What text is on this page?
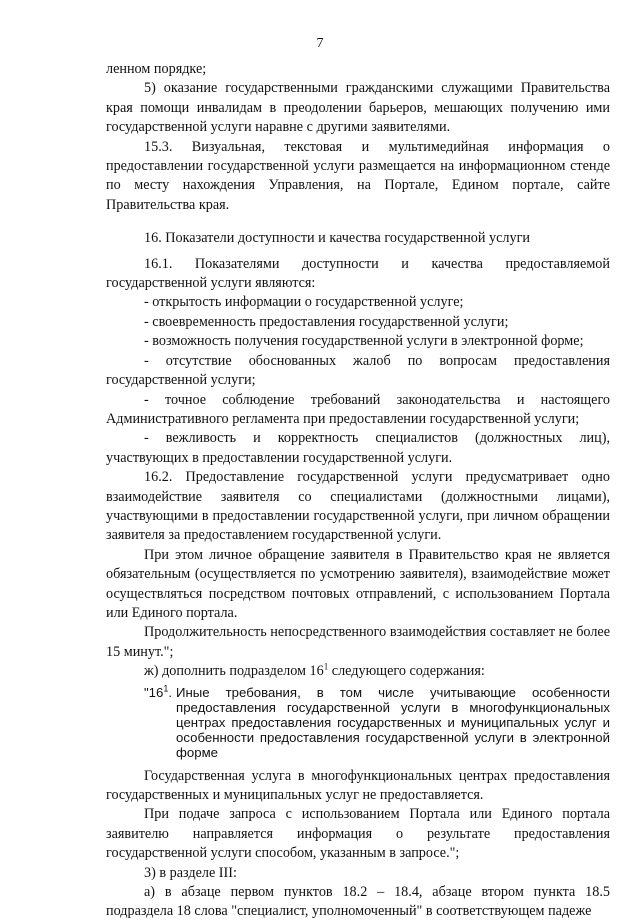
7

ленном порядке;

5) оказание государственными гражданскими служащими Правительства края помощи инвалидам в преодолении барьеров, мешающих получению ими государственной услуги наравне с другими заявителями.

15.3. Визуальная, текстовая и мультимедийная информация о предоставлении государственной услуги размещается на информационном стенде по месту нахождения Управления, на Портале, Едином портале, сайте Правительства края.

16. Показатели доступности и качества государственной услуги

16.1. Показателями доступности и качества предоставляемой государственной услуги являются:

- открытость информации о государственной услуге;

- своевременность предоставления государственной услуги;

- возможность получения государственной услуги в электронной форме;

- отсутствие обоснованных жалоб по вопросам предоставления государственной услуги;

- точное соблюдение требований законодательства и настоящего Административного регламента при предоставлении государственной услуги;

- вежливость и корректность специалистов (должностных лиц), участвующих в предоставлении государственной услуги.

16.2. Предоставление государственной услуги предусматривает одно взаимодействие заявителя со специалистами (должностными лицами), участвующими в предоставлении государственной услуги, при личном обращении заявителя за предоставлением государственной услуги.

При этом личное обращение заявителя в Правительство края не является обязательным (осуществляется по усмотрению заявителя), взаимодействие может осуществляться посредством почтовых отправлений, с использованием Портала или Единого портала.

Продолжительность непосредственного взаимодействия составляет не более 15 минут.";

ж) дополнить подразделом $16^1$ следующего содержания:

"$16^1$. Иные требования, в том числе учитывающие особенности предоставления государственной услуги в многофункциональных центрах предоставления государственных и муниципальных услуг и особенности предоставления государственной услуги в электронной форме

Государственная услуга в многофункциональных центрах предоставления государственных и муниципальных услуг не предоставляется.

При подаче запроса с использованием Портала или Единого портала заявителю направляется информация о результате предоставления государственной услуги способом, указанным в запросе.";

3) в разделе III:

а) в абзаце первом пунктов 18.2 – 18.4, абзаце втором пункта 18.5 подраздела 18 слова "специалист, уполномоченный" в соответствующем падеже
